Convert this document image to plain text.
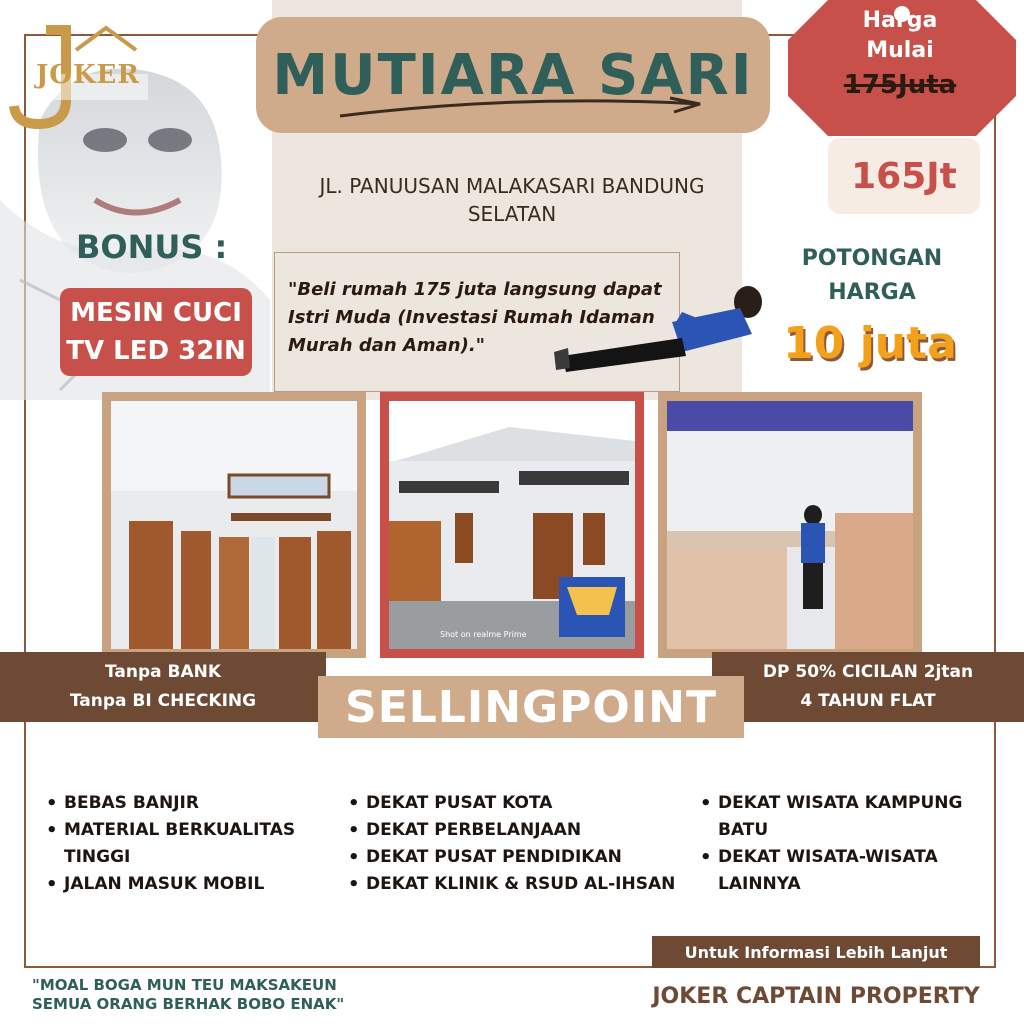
JOKER MUTIARA SARI
JL. PANUUSAN MALAKASARI BANDUNG SELATAN
"Beli rumah 175 juta langsung dapat Istri Muda (Investasi Rumah Idaman Murah dan Aman)."
BONUS :
MESIN CUCI
TV LED 32IN
Harga
Mulai
175Juta
165Jt
POTONGAN
HARGA
10 juta
Shot on realme Prime
Tanpa BANK
Tanpa BI CHECKING
DP 50% CICILAN 2jtan
4 TAHUN FLAT
SELLINGPOINT
• BEBAS BANJIR
• MATERIAL BERKUALITAS TINGGI
• JALAN MASUK MOBIL
• DEKAT PUSAT KOTA
• DEKAT PERBELANJAAN
• DEKAT PUSAT PENDIDIKAN
• DEKAT KLINIK & RSUD AL-IHSAN
• DEKAT WISATA KAMPUNG BATU
• DEKAT WISATA-WISATA LAINNYA
Untuk Informasi Lebih Lanjut
"MOAL BOGA MUN TEU MAKSAKEUN
SEMUA ORANG BERHAK BOBO ENAK"	JOKER CAPTAIN PROPERTY
